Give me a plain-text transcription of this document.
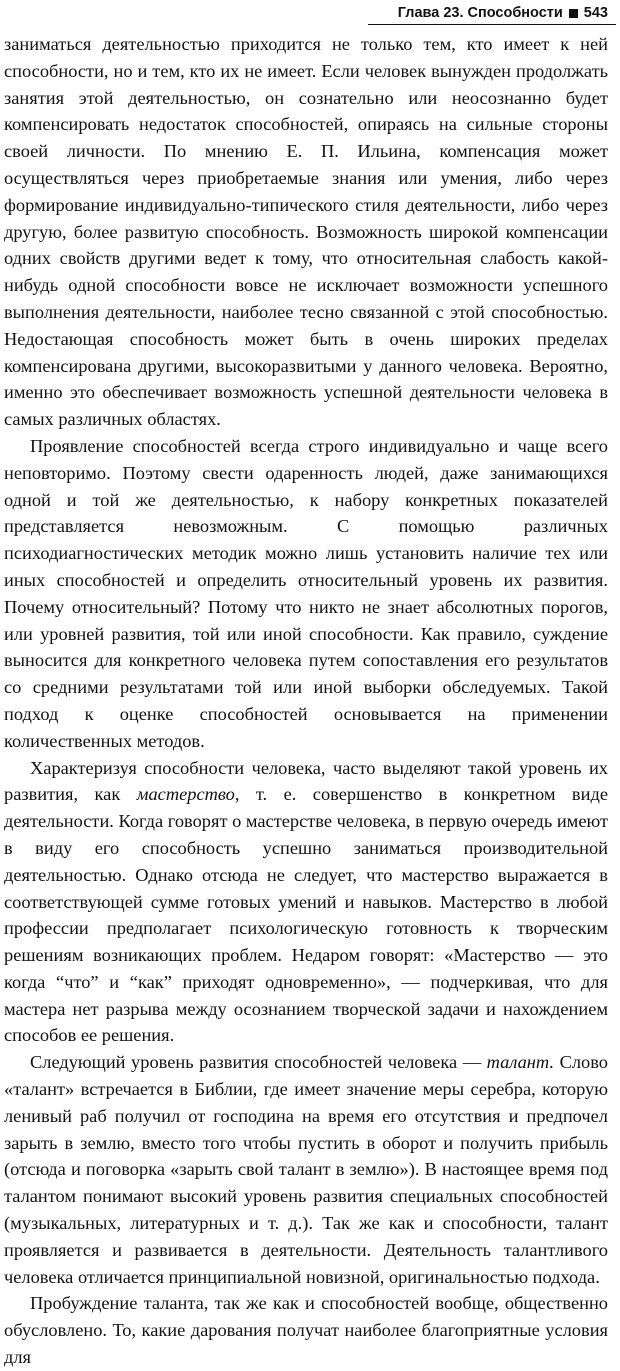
Глава 23. Способности 543

заниматься деятельностью приходится не только тем, кто имеет к ней способности, но и тем, кто их не имеет. Если человек вынужден продолжать занятия этой деятельностью, он сознательно или неосознанно будет компенсировать недостаток способностей, опираясь на сильные стороны своей личности. По мнению Е. П. Ильина, компенсация может осуществляться через приобретаемые знания или умения, либо через формирование индивидуально-типического стиля деятельности, либо через другую, более развитую способность. Возможность широкой компенсации одних свойств другими ведет к тому, что относительная слабость какой-нибудь одной способности вовсе не исключает возможности успешного выполнения деятельности, наиболее тесно связанной с этой способностью. Недостающая способность может быть в очень широких пределах компенсирована другими, высокоразвитыми у данного человека. Вероятно, именно это обеспечивает возможность успешной деятельности человека в самых различных областях.

Проявление способностей всегда строго индивидуально и чаще всего неповторимо. Поэтому свести одаренность людей, даже занимающихся одной и той же деятельностью, к набору конкретных показателей представляется невозможным. С помощью различных психодиагностических методик можно лишь установить наличие тех или иных способностей и определить относительный уровень их развития. Почему относительный? Потому что никто не знает абсолютных порогов, или уровней развития, той или иной способности. Как правило, суждение выносится для конкретного человека путем сопоставления его результатов со средними результатами той или иной выборки обследуемых. Такой подход к оценке способностей основывается на применении количественных методов.

Характеризуя способности человека, часто выделяют такой уровень их развития, как мастерство, т. е. совершенство в конкретном виде деятельности. Когда говорят о мастерстве человека, в первую очередь имеют в виду его способность успешно заниматься производительной деятельностью. Однако отсюда не следует, что мастерство выражается в соответствующей сумме готовых умений и навыков. Мастерство в любой профессии предполагает психологическую готовность к творческим решениям возникающих проблем. Недаром говорят: «Мастерство — это когда “что” и “как” приходят одновременно», — подчеркивая, что для мастера нет разрыва между осознанием творческой задачи и нахождением способов ее решения.

Следующий уровень развития способностей человека — талант. Слово «талант» встречается в Библии, где имеет значение меры серебра, которую ленивый раб получил от господина на время его отсутствия и предпочел зарыть в землю, вместо того чтобы пустить в оборот и получить прибыль (отсюда и поговорка «зарыть свой талант в землю»). В настоящее время под талантом понимают высокий уровень развития специальных способностей (музыкальных, литературных и т. д.). Так же как и способности, талант проявляется и развивается в деятельности. Деятельность талантливого человека отличается принципиальной новизной, оригинальностью подхода.

Пробуждение таланта, так же как и способностей вообще, общественно обусловлено. То, какие дарования получат наиболее благоприятные условия для
